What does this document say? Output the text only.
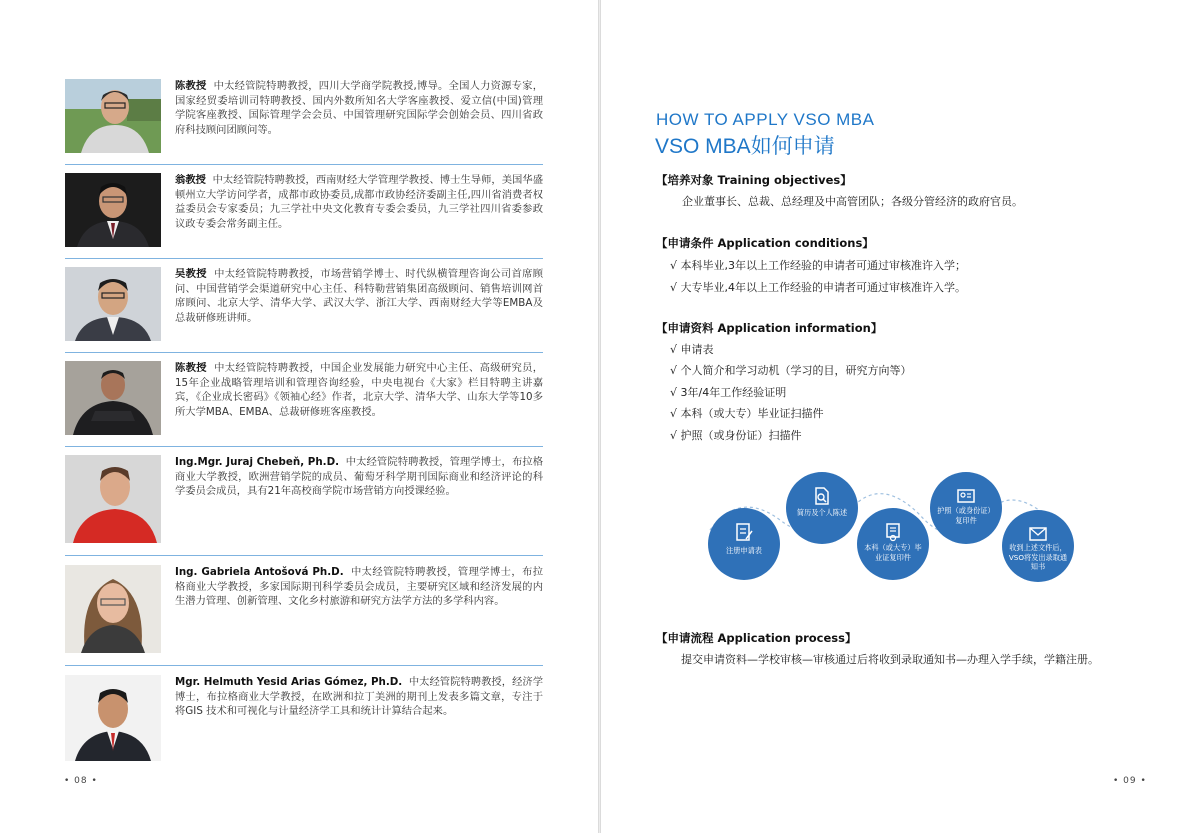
陈教授 中太经管院特聘教授，四川大学商学院教授,博导。全国人力资源专家，国家经贸委培训司特聘教授、国内外数所知名大学客座教授、爱立信(中国)管理学院客座教授、国际管理学会会员、中国管理研究国际学会创始会员、四川省政府科技顾问团顾问等。
翁教授 中太经管院特聘教授，西南财经大学管理学教授、博士生导师，美国华盛顿州立大学访问学者，成都市政协委员,成都市政协经济委副主任,四川省消费者权益委员会专家委员；九三学社中央文化教育专委会委员，九三学社四川省委参政议政专委会常务副主任。
吴教授 中太经管院特聘教授，市场营销学博士、时代纵横管理咨询公司首席顾问、中国营销学会渠道研究中心主任、科特勒营销集团高级顾问、销售培训网首席顾问、北京大学、清华大学、武汉大学、浙江大学、西南财经大学等EMBA及总裁研修班讲师。
陈教授 中太经管院特聘教授，中国企业发展能力研究中心主任、高级研究员，15年企业战略管理培训和管理咨询经验，中央电视台《大家》栏目特聘主讲嘉宾，《企业成长密码》《领袖心经》作者，北京大学、清华大学、山东大学等10多所大学MBA、EMBA、总裁研修班客座教授。
Ing.Mgr. Juraj Chebeň, Ph.D. 中太经管院特聘教授，管理学博士，布拉格商业大学教授，欧洲营销学院的成员、葡萄牙科学期刊国际商业和经济评论的科学委员会成员，具有21年高校商学院市场营销方向授课经验。
Ing. Gabriela Antošová Ph.D. 中太经管院特聘教授，管理学博士，布拉格商业大学教授，多家国际期刊科学委员会成员，主要研究区域和经济发展的内生潜力管理、创新管理、文化乡村旅游和研究方法学方法的多学科内容。
Mgr. Helmuth Yesid Arias Gómez, Ph.D. 中太经管院特聘教授，经济学博士，布拉格商业大学教授，在欧洲和拉丁美洲的期刊上发表多篇文章，专注于将GIS 技术和可视化与计量经济学工具和统计计算结合起来。
• 08 •
HOW TO APPLY VSO MBA
VSO MBA如何申请
【培养对象 Training objectives】
企业董事长、总裁、总经理及中高管团队；各级分管经济的政府官员。
【申请条件 Application conditions】
√ 本科毕业,3年以上工作经验的申请者可通过审核准许入学；
√ 大专毕业,4年以上工作经验的申请者可通过审核准许入学。
【申请资料 Application information】
√ 申请表
√ 个人简介和学习动机（学习的目，研究方向等）
√ 3年/4年工作经验证明
√ 本科（或大专）毕业证扫描件
√ 护照（或身份证）扫描件
注册申请表
简历及个人陈述
本科（或大专）毕业证复印件
护照（或身份证）复印件
收到上述文件后，VSO将发出录取通知书
【申请流程 Application process】
提交申请资料—学校审核—审核通过后将收到录取通知书—办理入学手续，学籍注册。
• 09 •
